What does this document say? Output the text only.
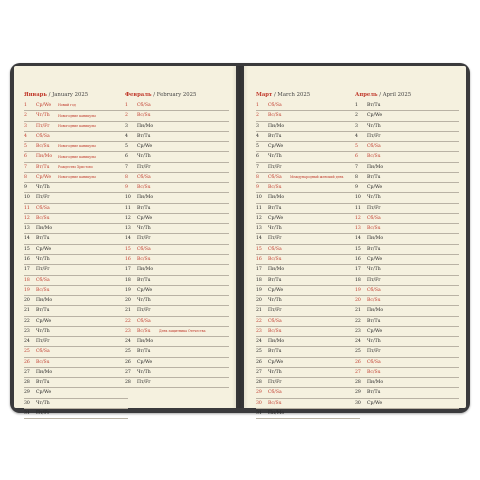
Январь / January 2025	Февраль / February 2025	Март / March 2025	Апрель / April 2025
1 Ср/We Новый год
2 Чт/Th	Новогодние каникулы
3 Пт/Fr	Новогодние каникулы
4 Сб/Sa
5 Вс/Su	Новогодние каникулы
6 Пн/Mo Новогодние каникулы
7 Вт/Tu	Рождество Христово
8 Ср/We Новогодние каникулы
9 Чт/Th
10 Пт/Fr
11 Сб/Sa
12 Вс/Su
13 Пн/Mo
14 Вт/Tu
15 Ср/We
16 Чт/Th
17 Пт/Fr
18 Сб/Sa
19 Вс/Su
20 Пн/Mo
21 Вт/Tu
22 Ср/We
23 Чт/Th
24 Пт/Fr
25 Сб/Sa
26 Вс/Su
27 Пн/Mo
28 Вт/Tu
29 Ср/We
30 Чт/Th
31 Пт/Fr
1 Сб/Sa
2 Вс/Su
3 Пн/Mo
4 Вт/Tu
5 Ср/We
6 Чт/Th
7 Пт/Fr
8 Сб/Sa
9 Вс/Su
10 Пн/Mo
11 Вт/Tu
12 Ср/We
13 Чт/Th
14 Пт/Fr
15 Сб/Sa
16 Вс/Su
17 Пн/Mo
18 Вт/Tu
19 Ср/We
20 Чт/Th
21 Пт/Fr
22 Сб/Sa
23 Вс/Su	День защитника Отечества
24 Пн/Mo
25 Вт/Tu
26 Ср/We
27 Чт/Th
28 Пт/Fr
1 Сб/Sa
2 Вс/Su
3 Пн/Mo
4 Вт/Tu
5 Ср/We
6 Чт/Th
7 Пт/Fr
8 Сб/Sa	Международный женский день
9 Вс/Su
10 Пн/Mo
11 Вт/Tu
12 Ср/We
13 Чт/Th
14 Пт/Fr
15 Сб/Sa
16 Вс/Su
17 Пн/Mo
18 Вт/Tu
19 Ср/We
20 Чт/Th
21 Пт/Fr
22 Сб/Sa
23 Вс/Su
24 Пн/Mo
25 Вт/Tu
26 Ср/We
27 Чт/Th
28 Пт/Fr
29 Сб/Sa
30 Вс/Su
31 Пн/Mo
1 Вт/Tu
2 Ср/We
3 Чт/Th
4 Пт/Fr
5 Сб/Sa
6 Вс/Su
7 Пн/Mo
8 Вт/Tu
9 Ср/We
10 Чт/Th
11 Пт/Fr
12 Сб/Sa
13 Вс/Su
14 Пн/Mo
15 Вт/Tu
16 Ср/We
17 Чт/Th
18 Пт/Fr
19 Сб/Sa
20 Вс/Su
21 Пн/Mo
22 Вт/Tu
23 Ср/We
24 Чт/Th
25 Пт/Fr
26 Сб/Sa
27 Вс/Su
28 Пн/Mo
29 Вт/Tu
30 Ср/We
